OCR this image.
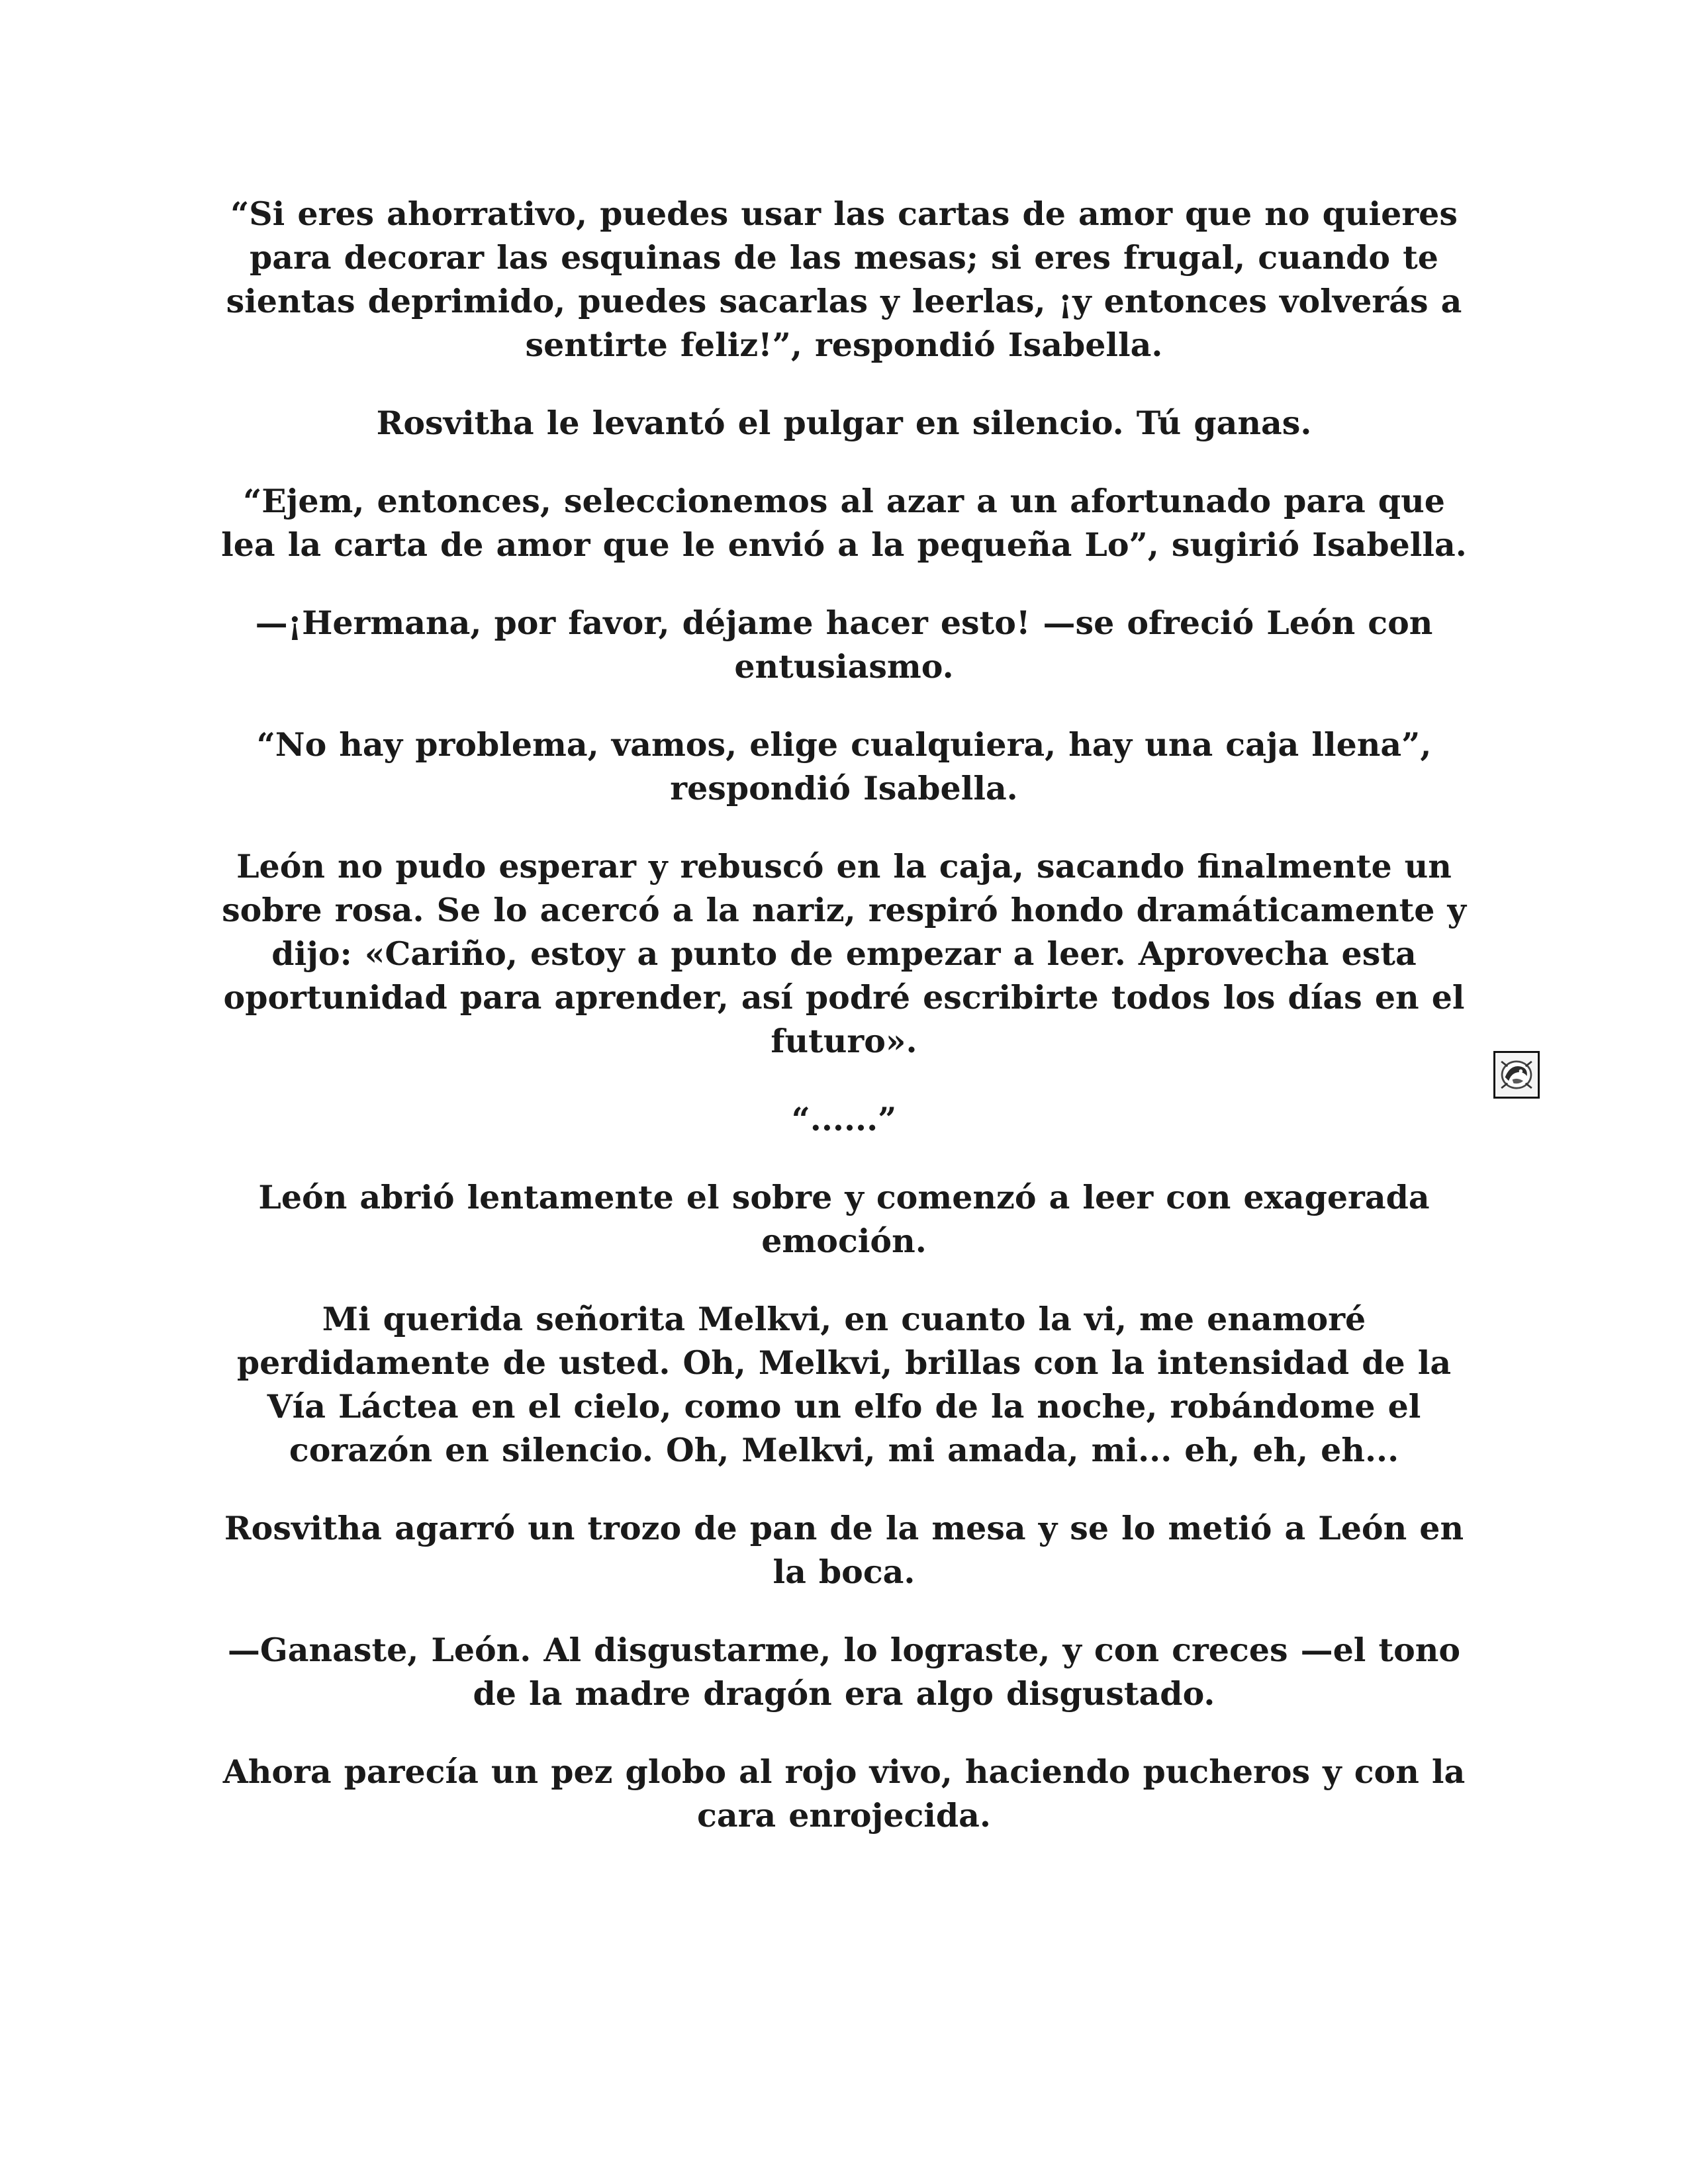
“Si eres ahorrativo, puedes usar las cartas de amor que no quieres para decorar las esquinas de las mesas; si eres frugal, cuando te sientas deprimido, puedes sacarlas y leerlas, ¡y entonces volverás a sentirte feliz!”, respondió Isabella.

Rosvitha le levantó el pulgar en silencio. Tú ganas.

“Ejem, entonces, seleccionemos al azar a un afortunado para que lea la carta de amor que le envió a la pequeña Lo”, sugirió Isabella.

—¡Hermana, por favor, déjame hacer esto! —se ofreció León con entusiasmo.

“No hay problema, vamos, elige cualquiera, hay una caja llena”, respondió Isabella.

León no pudo esperar y rebuscó en la caja, sacando finalmente un sobre rosa. Se lo acercó a la nariz, respiró hondo dramáticamente y dijo: «Cariño, estoy a punto de empezar a leer. Aprovecha esta oportunidad para aprender, así podré escribirte todos los días en el futuro».

“......”

León abrió lentamente el sobre y comenzó a leer con exagerada emoción.

Mi querida señorita Melkvi, en cuanto la vi, me enamoré perdidamente de usted. Oh, Melkvi, brillas con la intensidad de la Vía Láctea en el cielo, como un elfo de la noche, robándome el corazón en silencio. Oh, Melkvi, mi amada, mi... eh, eh, eh...

Rosvitha agarró un trozo de pan de la mesa y se lo metió a León en la boca.

—Ganaste, León. Al disgustarme, lo lograste, y con creces —el tono de la madre dragón era algo disgustado.

Ahora parecía un pez globo al rojo vivo, haciendo pucheros y con la cara enrojecida.
